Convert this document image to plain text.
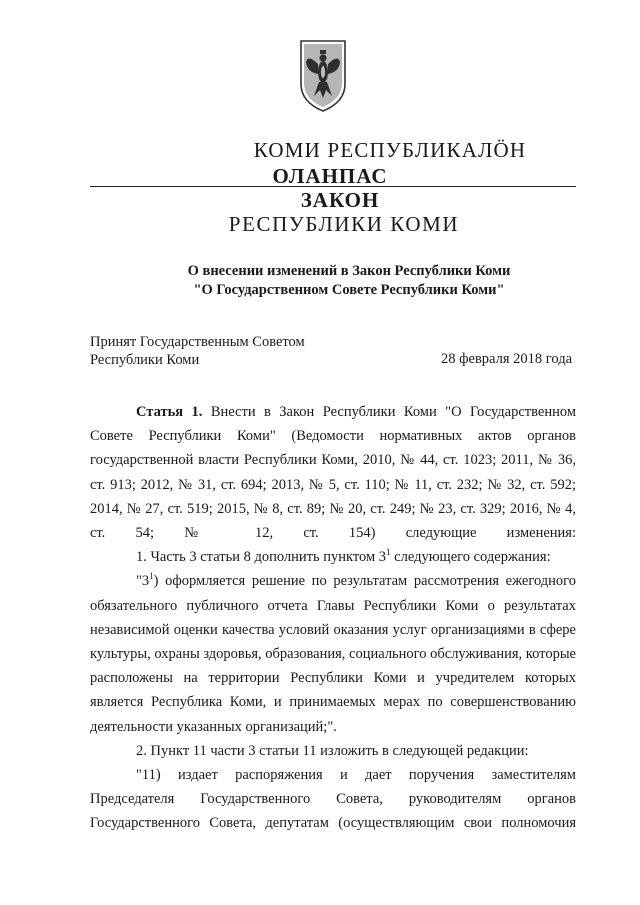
КОМИ РЕСПУБЛИКАЛӦН
ОЛАНПАС
ЗАКОН
РЕСПУБЛИКИ КОМИ
О внесении изменений в Закон Республики Коми
"О Государственном Совете Республики Коми"
Принят Государственным Советом
Республики Коми	28 февраля 2018 года

Статья 1. Внести в Закон Республики Коми "О Государственном Совете Республики Коми" (Ведомости нормативных актов органов государственной власти Республики Коми, 2010, № 44, ст. 1023; 2011, № 36, ст. 913; 2012, № 31, ст. 694; 2013, № 5, ст. 110; № 11, ст. 232; № 32, ст. 592; 2014, № 27, ст. 519; 2015, № 8, ст. 89; № 20, ст. 249; № 23, ст. 329; 2016, № 4, ст. 54; № 12, ст. 154) следующие изменения:

1. Часть 3 статьи 8 дополнить пунктом $3^1$ следующего содержания:

"$3^1$) оформляется решение по результатам рассмотрения ежегодного обязательного публичного отчета Главы Республики Коми о результатах независимой оценки качества условий оказания услуг организациями в сфере культуры, охраны здоровья, образования, социального обслуживания, которые расположены на территории Республики Коми и учредителем которых является Республика Коми, и принимаемых мерах по совершенствованию деятельности указанных организаций;".

2. Пункт 11 части 3 статьи 11 изложить в следующей редакции:

"11) издает распоряжения и дает поручения заместителям Председателя Государственного Совета, руководителям органов Государственного Совета, депутатам (осуществляющим свои полномочия
